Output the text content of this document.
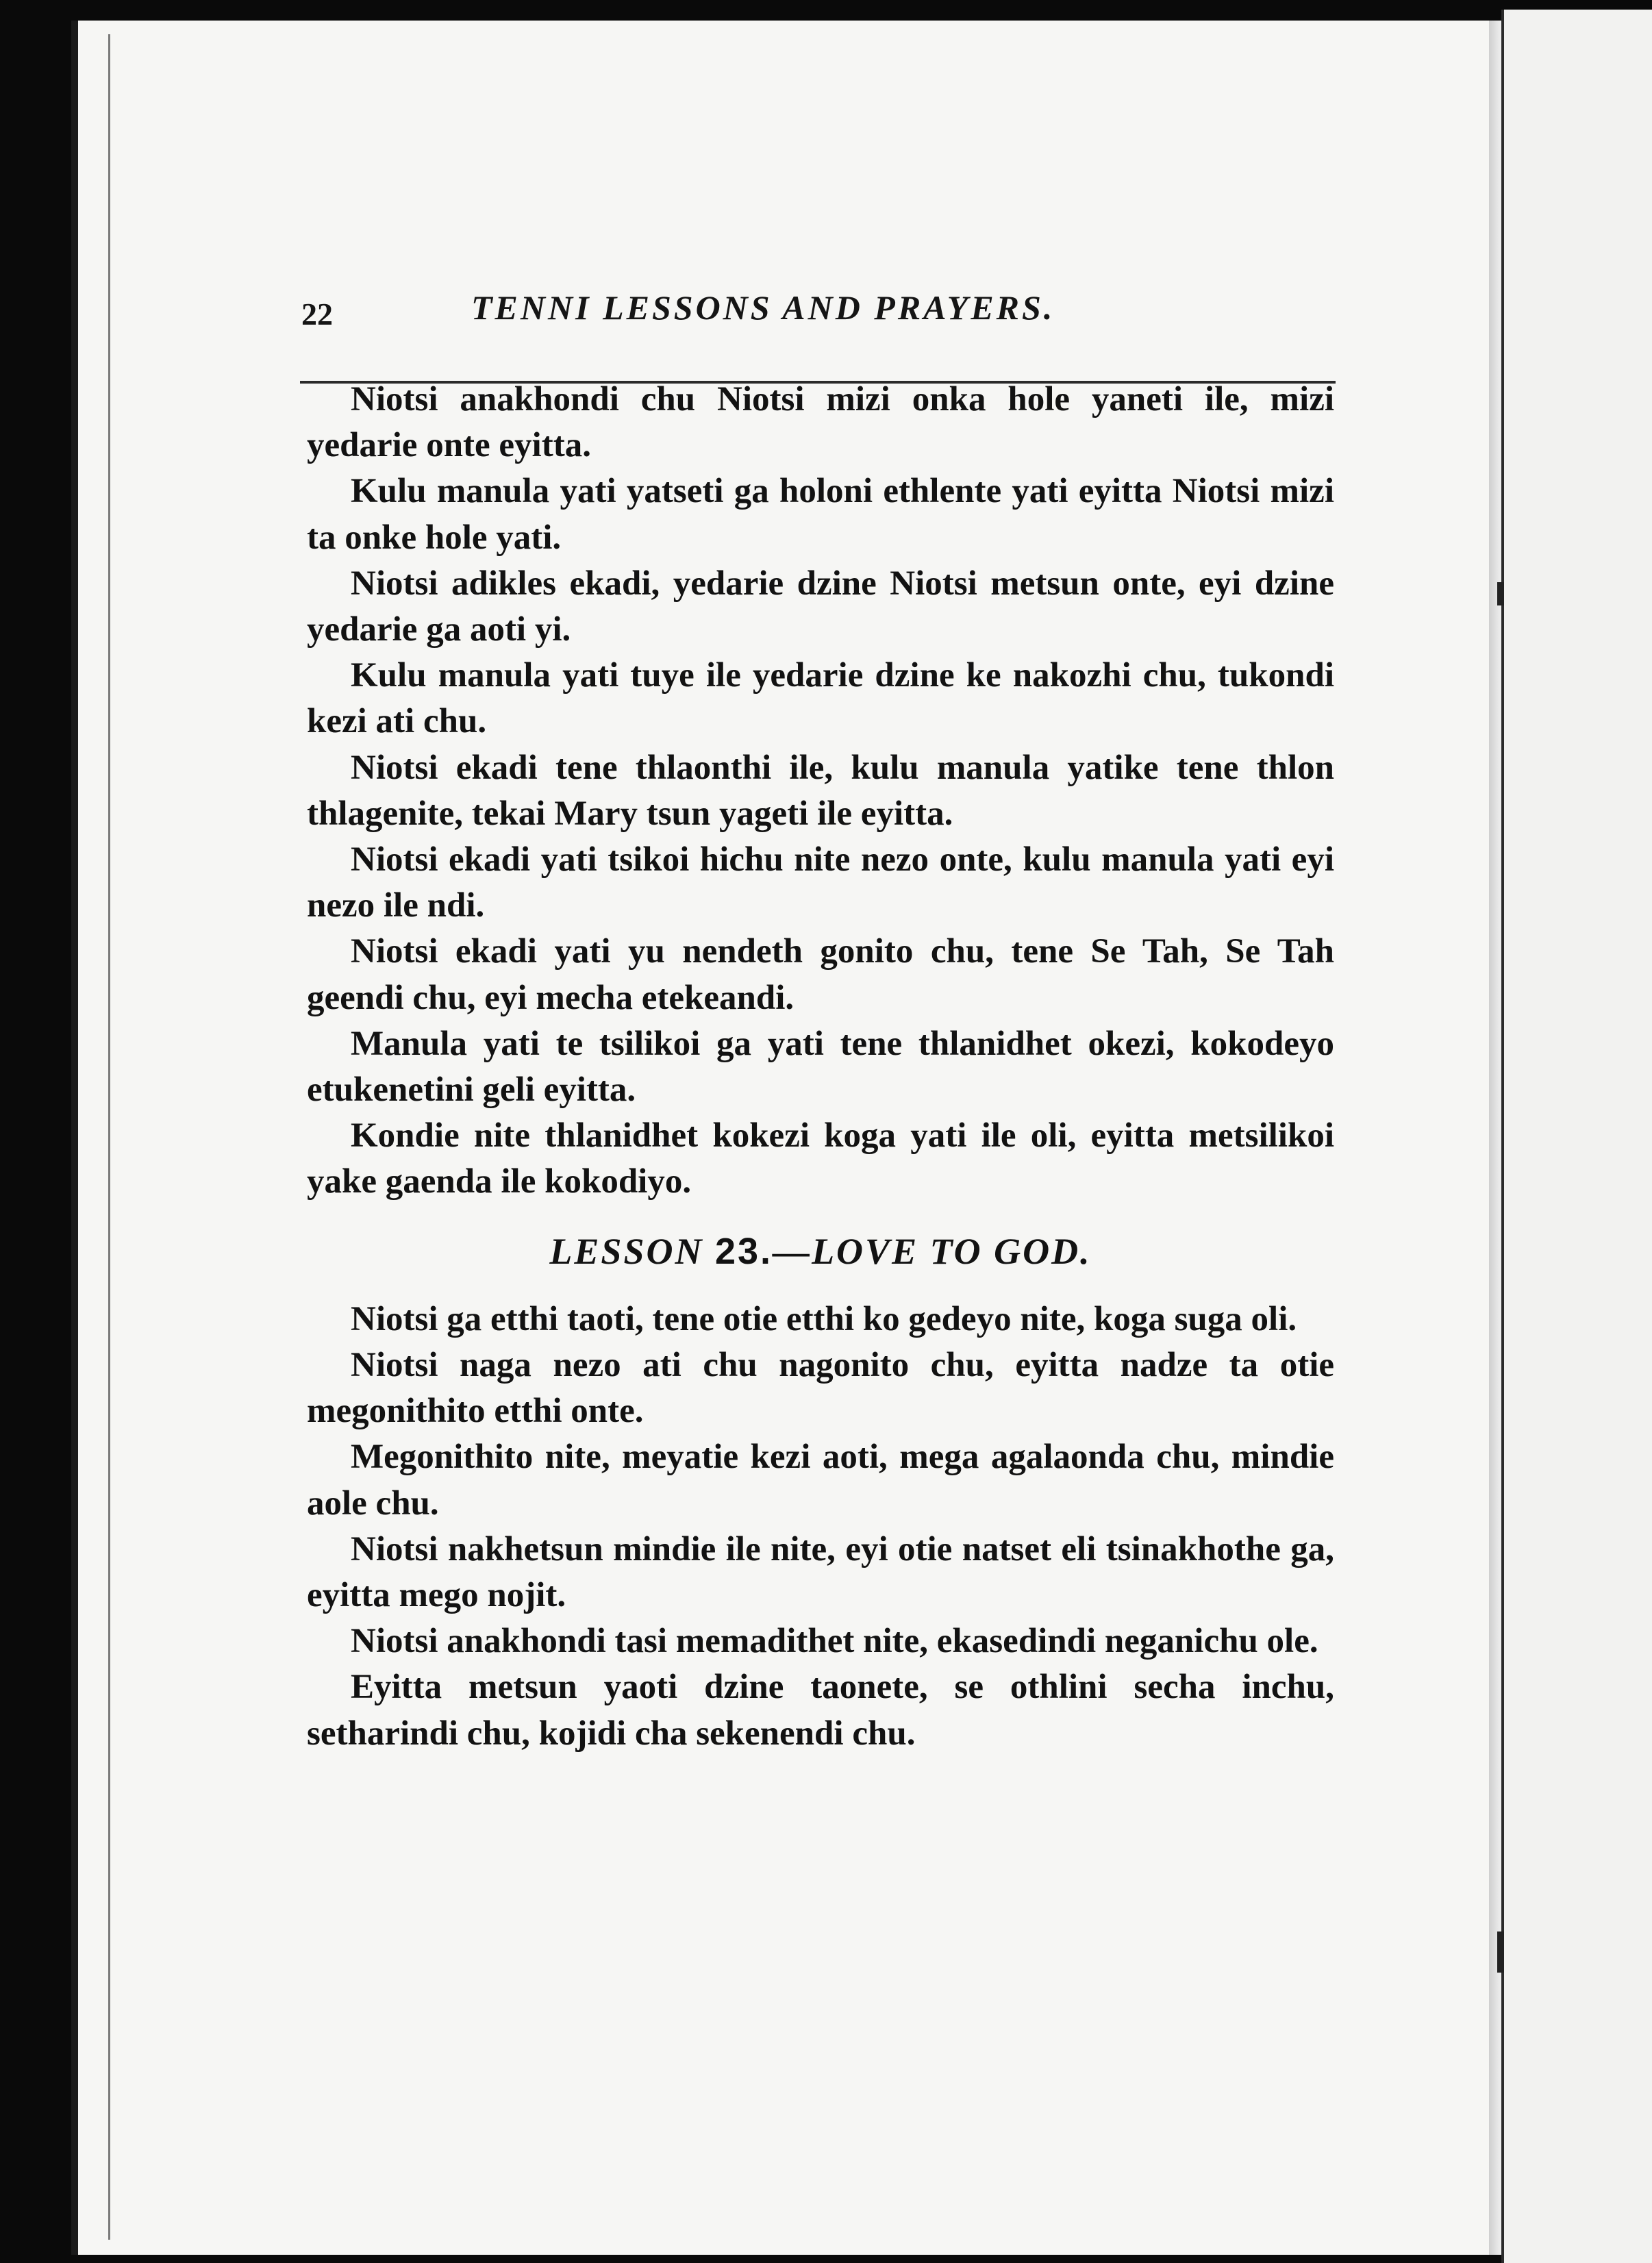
22	TENNI LESSONS AND PRAYERS.

Niotsi anakhondi chu Niotsi mizi onka hole yaneti ile, mizi yedarie onte eyitta.

Kulu manula yati yatseti ga holoni ethlente yati eyitta Niotsi mizi ta onke hole yati.

Niotsi adikles ekadi, yedarie dzine Niotsi metsun onte, eyi dzine yedarie ga aoti yi.

Kulu manula yati tuye ile yedarie dzine ke nakozhi chu, tukondi kezi ati chu.

Niotsi ekadi tene thlaonthi ile, kulu manula yatike tene thlon thlagenite, tekai Mary tsun yageti ile eyitta.

Niotsi ekadi yati tsikoi hichu nite nezo onte, kulu manula yati eyi nezo ile ndi.

Niotsi ekadi yati yu nendeth gonito chu, tene Se Tah, Se Tah geendi chu, eyi mecha etekeandi.

Manula yati te tsilikoi ga yati tene thlanidhet okezi, kokodeyo etukenetini geli eyitta.

Kondie nite thlanidhet kokezi koga yati ile oli, eyitta metsilikoi yake gaenda ile kokodiyo.

LESSON 23.—LOVE TO GOD.

Niotsi ga etthi taoti, tene otie etthi ko gedeyo nite, koga suga oli.

Niotsi naga nezo ati chu nagonito chu, eyitta nadze ta otie megonithito etthi onte.

Megonithito nite, meyatie kezi aoti, mega agalaonda chu, mindie aole chu.

Niotsi nakhetsun mindie ile nite, eyi otie natset eli tsinakhothe ga, eyitta mego nojit.

Niotsi anakhondi tasi memadithet nite, ekasedindi neganichu ole.

Eyitta metsun yaoti dzine taonete, se othlini secha inchu, setharindi chu, kojidi cha sekenendi chu.
